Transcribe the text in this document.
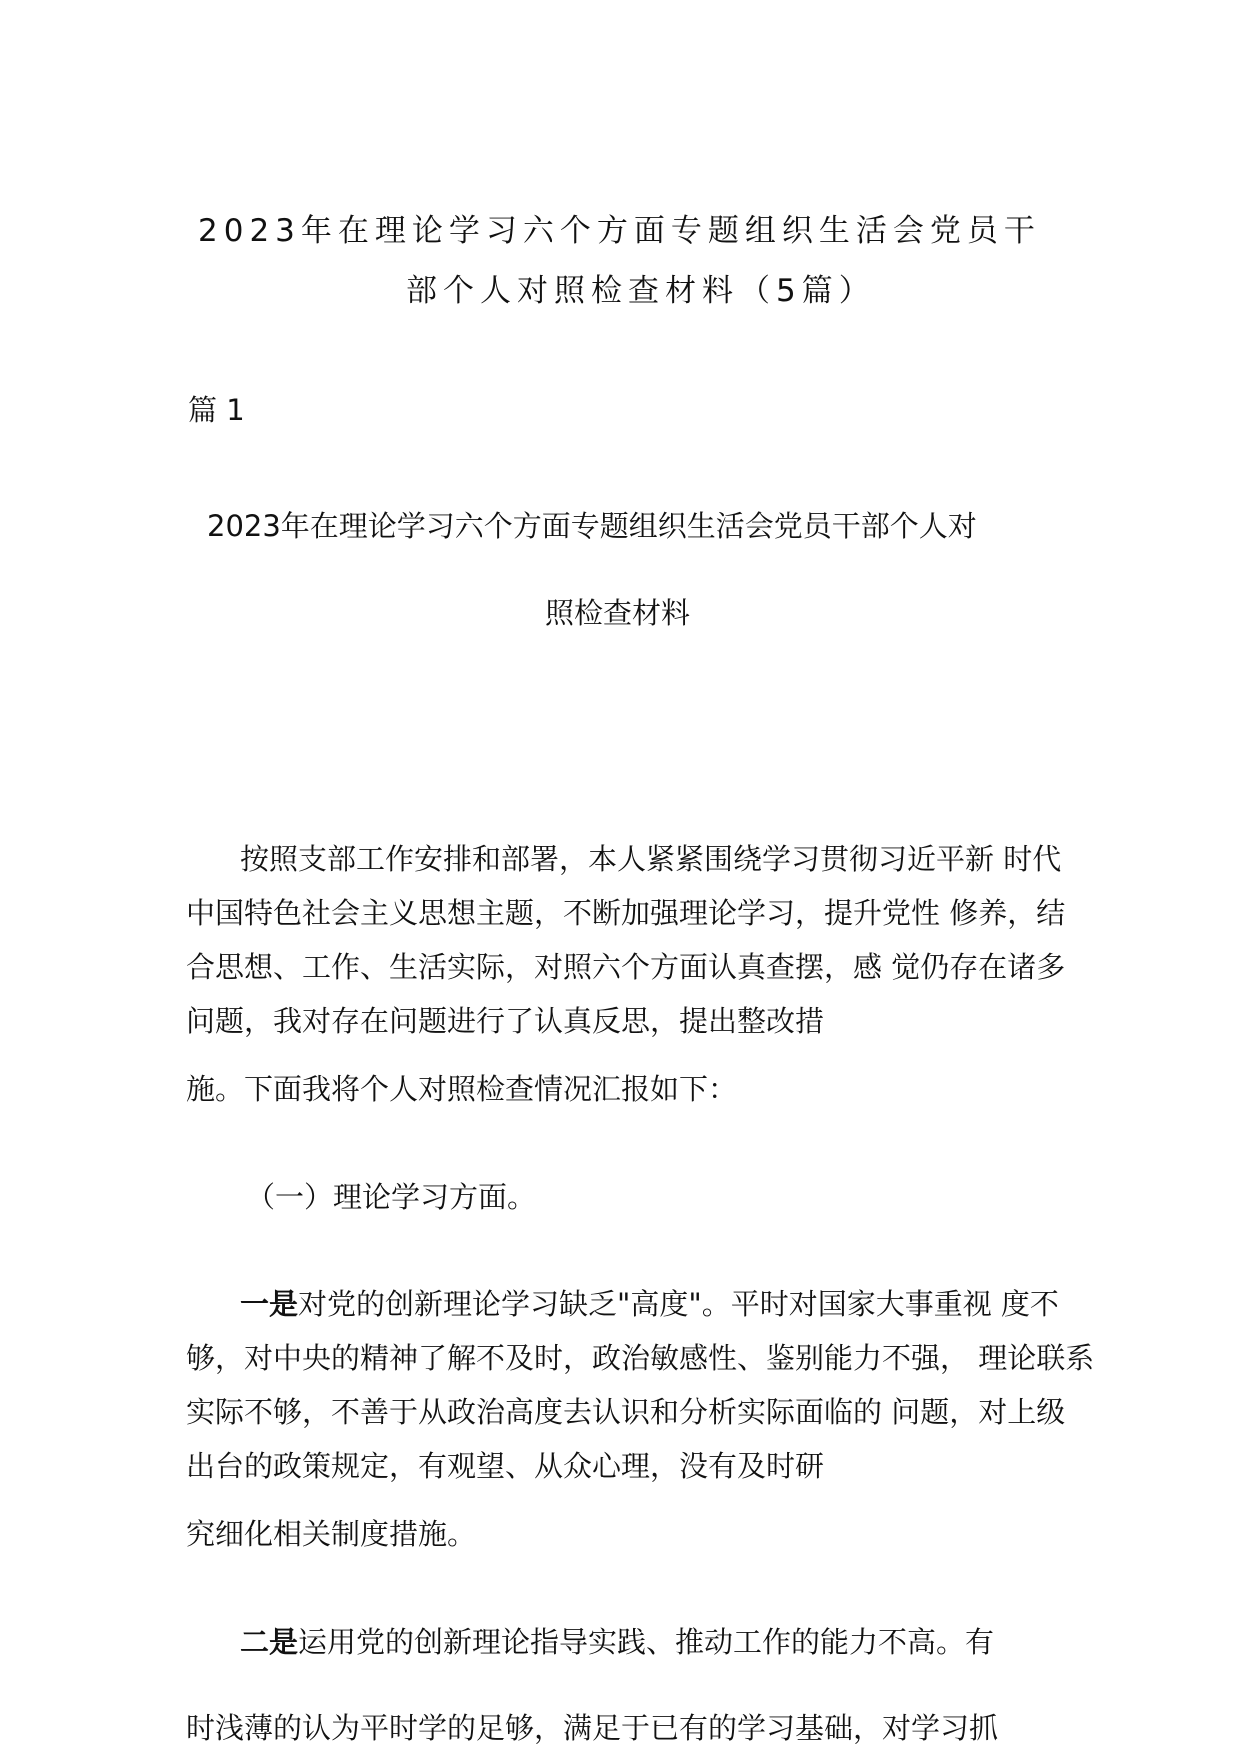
2023年在理论学习六个方面专题组织生活会党员干
部个人对照检查材料（5篇）
篇 1
2023年在理论学习六个方面专题组织生活会党员干部个人对
照检查材料
按照支部工作安排和部署，本人紧紧围绕学习贯彻习近平新 时代
中国特色社会主义思想主题，不断加强理论学习，提升党性 修养，结
合思想、工作、生活实际，对照六个方面认真查摆，感 觉仍存在诸多
问题，我对存在问题进行了认真反思，提出整改措
施。下面我将个人对照检查情况汇报如下：
（一）理论学习方面。
一是对党的创新理论学习缺乏"高度"。平时对国家大事重视 度不
够，对中央的精神了解不及时，政治敏感性、鉴别能力不强， 理论联系
实际不够，不善于从政治高度去认识和分析实际面临的 问题，对上级
出台的政策规定，有观望、从众心理，没有及时研
究细化相关制度措施。
二是运用党的创新理论指导实践、推动工作的能力不高。有
时浅薄的认为平时学的足够，满足于已有的学习基础，对学习抓
